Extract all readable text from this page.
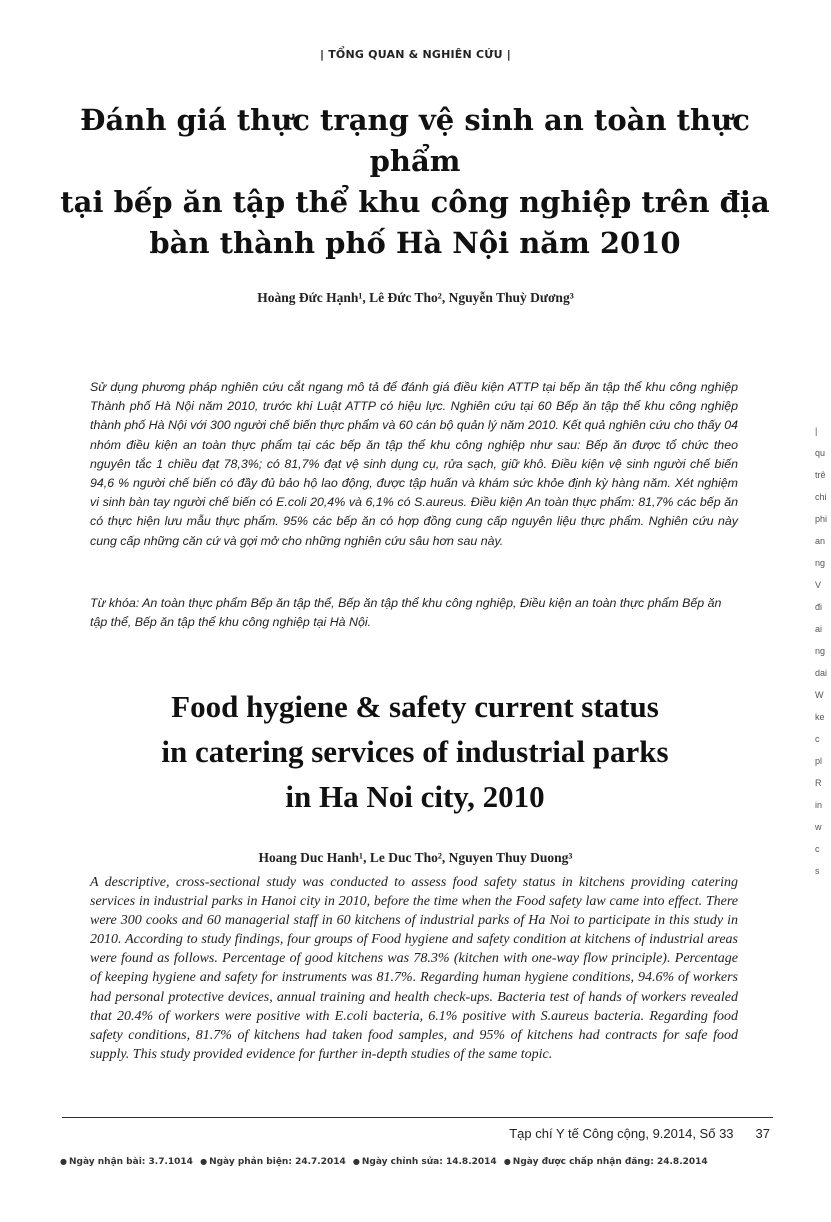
| TỔNG QUAN & NGHIÊN CỨU |
Đánh giá thực trạng vệ sinh an toàn thực phẩm
tại bếp ăn tập thể khu công nghiệp trên địa
bàn thành phố Hà Nội năm 2010
Hoàng Đức Hạnh¹, Lê Đức Tho², Nguyễn Thuỳ Dương³
Sử dụng phương pháp nghiên cứu cắt ngang mô tả để đánh giá điều kiện ATTP tại bếp ăn tập thể khu công nghiệp Thành phố Hà Nội năm 2010, trước khi Luật ATTP có hiệu lực. Nghiên cứu tại 60 Bếp ăn tập thể khu công nghiệp thành phố Hà Nội với 300 người chế biến thực phẩm và 60 cán bộ quản lý năm 2010. Kết quả nghiên cứu cho thấy 04 nhóm điều kiện an toàn thực phẩm tại các bếp ăn tập thể khu công nghiệp như sau: Bếp ăn được tổ chức theo nguyên tắc 1 chiều đạt 78,3%; có 81,7% đạt vệ sinh dụng cụ, rửa sạch, giữ khô. Điều kiện vệ sinh người chế biến 94,6 % người chế biến có đầy đủ bảo hộ lao động, được tập huấn và khám sức khỏe định kỳ hàng năm. Xét nghiệm vi sinh bàn tay người chế biến có E.coli 20,4% và 6,1% có S.aureus. Điều kiện An toàn thực phẩm: 81,7% các bếp ăn có thực hiện lưu mẫu thực phẩm. 95% các bếp ăn có hợp đồng cung cấp nguyên liệu thực phẩm. Nghiên cứu này cung cấp những căn cứ và gợi mở cho những nghiên cứu sâu hơn sau này.
Từ khóa: An toàn thực phẩm Bếp ăn tập thể, Bếp ăn tập thể khu công nghiệp, Điều kiện an toàn thực phẩm Bếp ăn tập thể, Bếp ăn tập thể khu công nghiệp tại Hà Nội.
Food hygiene & safety current status
in catering services of industrial parks
in Ha Noi city, 2010
Hoang Duc Hanh¹, Le Duc Tho², Nguyen Thuy Duong³
A descriptive, cross-sectional study was conducted to assess food safety status in kitchens providing catering services in industrial parks in Hanoi city in 2010, before the time when the Food safety law came into effect. There were 300 cooks and 60 managerial staff in 60 kitchens of industrial parks of Ha Noi to participate in this study in 2010. According to study findings, four groups of Food hygiene and safety condition at kitchens of industrial areas were found as follows. Percentage of good kitchens was 78.3% (kitchen with one-way flow principle). Percentage of keeping hygiene and safety for instruments was 81.7%. Regarding human hygiene conditions, 94.6% of workers had personal protective devices, annual training and health check-ups. Bacteria test of hands of workers revealed that 20.4% of workers were positive with E.coli bacteria, 6.1% positive with S.aureus bacteria. Regarding food safety conditions, 81.7% of kitchens had taken food samples, and 95% of kitchens had contracts for safe food supply. This study provided evidence for further in-depth studies of the same topic.
Tạp chí Y tế Công cộng, 9.2014, Số 33 37
● Ngày nhận bài: 3.7.1014 ● Ngày phản biện: 24.7.2014 ● Ngày chỉnh sửa: 14.8.2014 ● Ngày được chấp nhận đăng: 24.8.2014
|
qu
trê
chi
phi
an
ng
V
đi
ai
ng
dai
W
ke
c
pl
R
in
w
c
s
